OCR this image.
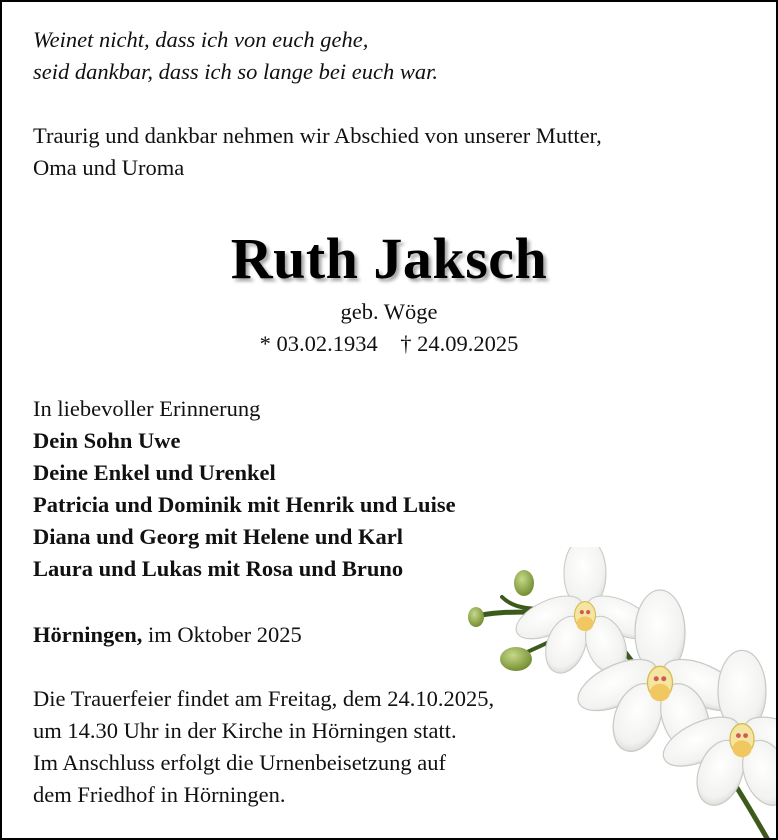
Weinet nicht, dass ich von euch gehe,
seid dankbar, dass ich so lange bei euch war.
Traurig und dankbar nehmen wir Abschied von unserer Mutter,
Oma und Uroma
Ruth Jaksch
geb. Wöge
* 03.02.1934 † 24.09.2025
In liebevoller Erinnerung
Dein Sohn Uwe
Deine Enkel und Urenkel
Patricia und Dominik mit Henrik und Luise
Diana und Georg mit Helene und Karl
Laura und Lukas mit Rosa und Bruno
Hörningen, im Oktober 2025
Die Trauerfeier findet am Freitag, dem 24.10.2025,
um 14.30 Uhr in der Kirche in Hörningen statt.
Im Anschluss erfolgt die Urnenbeisetzung auf
dem Friedhof in Hörningen.
